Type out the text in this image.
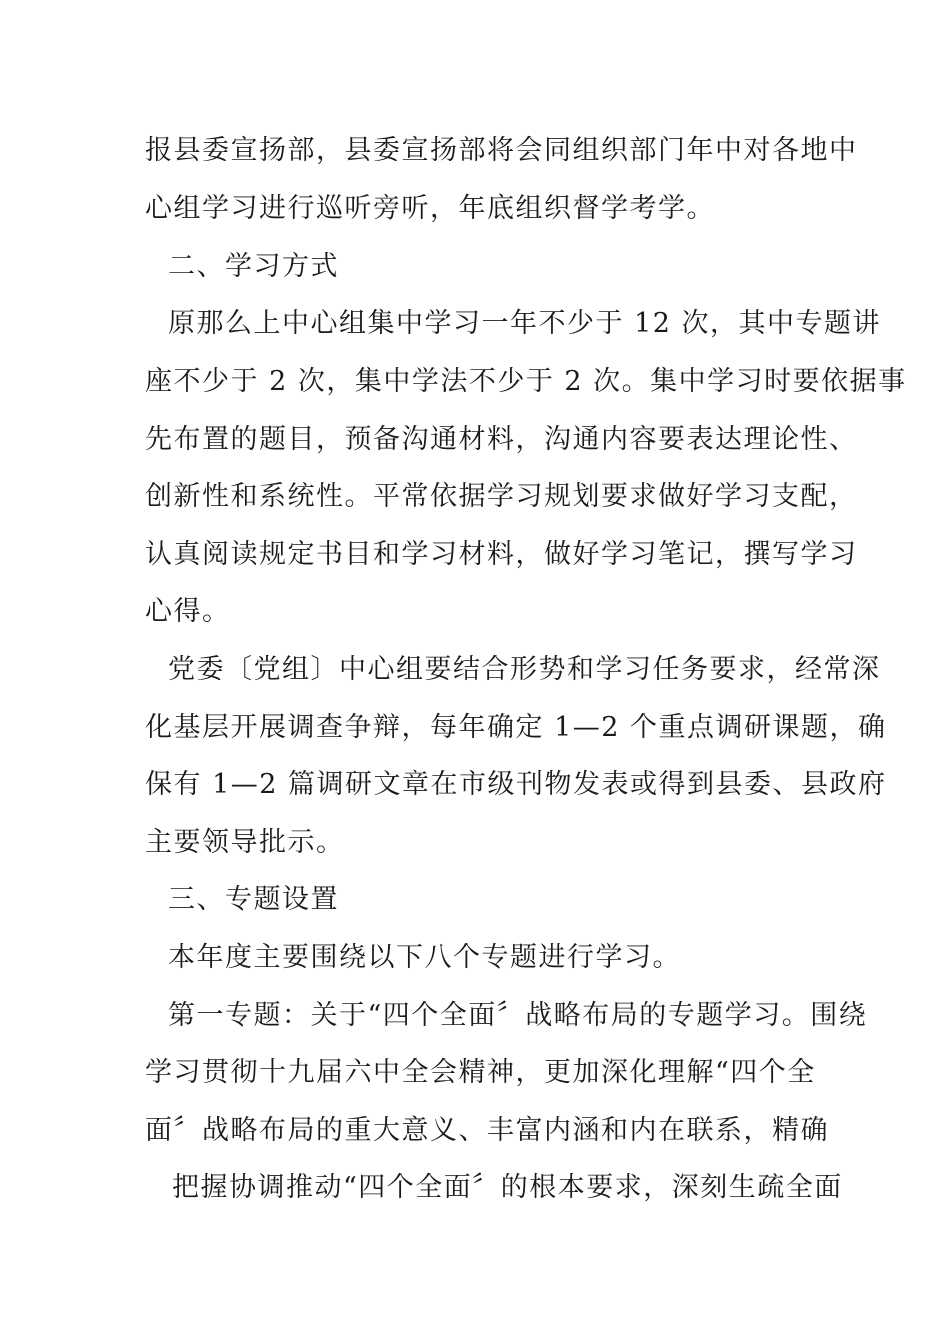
报县委宣扬部，县委宣扬部将会同组织部门年中对各地中
心组学习进行巡听旁听，年底组织督学考学。
二、学习方式
原那么上中心组集中学习一年不少于 12 次，其中专题讲
座不少于 2 次，集中学法不少于 2 次。集中学习时要依据事
先布置的题目，预备沟通材料，沟通内容要表达理论性、
创新性和系统性。平常依据学习规划要求做好学习支配，
认真阅读规定书目和学习材料，做好学习笔记，撰写学习
心得。
党委〔党组〕中心组要结合形势和学习任务要求，经常深
化基层开展调查争辩，每年确定 1—2 个重点调研课题，确
保有 1—2 篇调研文章在市级刊物发表或得到县委、县政府
主要领导批示。
三、专题设置
本年度主要围绕以下八个专题进行学习。
第一专题：关于“四个全面〞战略布局的专题学习。围绕
学习贯彻十九届六中全会精神，更加深化理解“四个全
面〞战略布局的重大意义、丰富内涵和内在联系，精确
把握协调推动“四个全面〞的根本要求，深刻生疏全面
